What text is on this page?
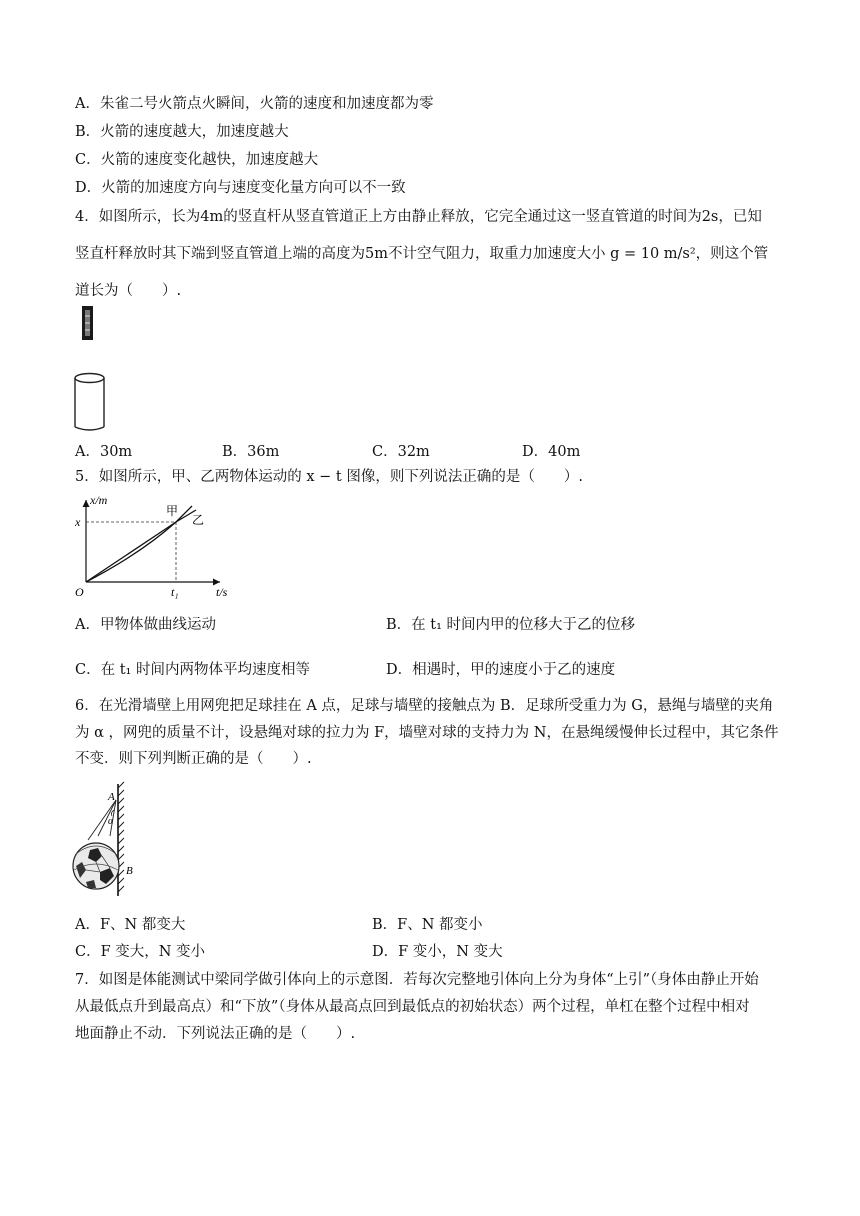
A．朱雀二号火箭点火瞬间，火箭的速度和加速度都为零
B．火箭的速度越大，加速度越大
C．火箭的速度变化越快，加速度越大
D．火箭的加速度方向与速度变化量方向可以不一致
4．如图所示，长为4m的竖直杆从竖直管道正上方由静止释放，它完全通过这一竖直管道的时间为2s，已知
竖直杆释放时其下端到竖直管道上端的高度为5m不计空气阻力，取重力加速度大小 g = 10 m/s²，则这个管
道长为（　　）.
A．30m	B．36m	C．32m	D．40m
5．如图所示，甲、乙两物体运动的 x − t 图像，则下列说法正确的是（　　）.
x/m
x
甲
乙
O	t₁	t/s
A．甲物体做曲线运动	B．在 t₁ 时间内甲的位移大于乙的位移
C．在 t₁ 时间内两物体平均速度相等	D．相遇时，甲的速度小于乙的速度
6．在光滑墙壁上用网兜把足球挂在 A 点，足球与墙壁的接触点为 B．足球所受重力为 G，悬绳与墙壁的夹角
为 α ，网兜的质量不计，设悬绳对球的拉力为 F，墙壁对球的支持力为 N，在悬绳缓慢伸长过程中，其它条件
不变．则下列判断正确的是（　　）.
A
α
B
A．F、N 都变大	B．F、N 都变小
C．F 变大，N 变小	D．F 变小，N 变大
7．如图是体能测试中梁同学做引体向上的示意图．若每次完整地引体向上分为身体“上引”（身体由静止开始
从最低点升到最高点）和“下放”（身体从最高点回到最低点的初始状态）两个过程，单杠在整个过程中相对
地面静止不动．下列说法正确的是（　　）.
